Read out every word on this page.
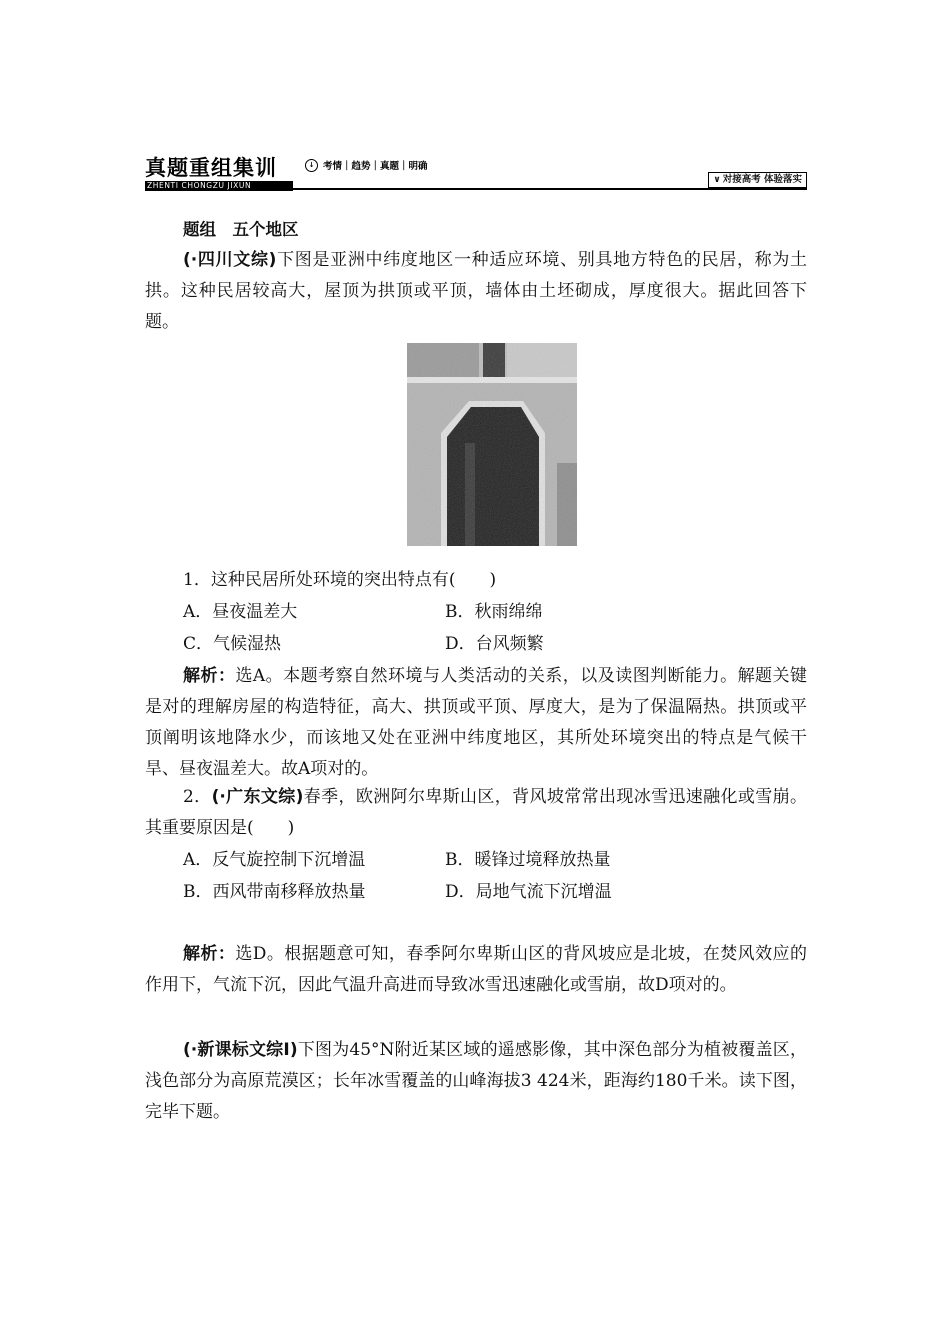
真题重组集训
ZHENTI CHONGZU JIXUN
↓ 考情｜趋势｜真题｜明确
∨ 对接高考 体验落实
题组　五个地区
(·四川文综)下图是亚洲中纬度地区一种适应环境、别具地方特色的民居，称为土拱。这种民居较高大，屋顶为拱顶或平顶，墙体由土坯砌成，厚度很大。据此回答下题。
1．这种民居所处环境的突出特点有(　　)
A．昼夜温差大	B．秋雨绵绵
C．气候湿热	D．台风频繁
解析：选A。本题考察自然环境与人类活动的关系，以及读图判断能力。解题关键是对的理解房屋的构造特征，高大、拱顶或平顶、厚度大，是为了保温隔热。拱顶或平顶阐明该地降水少，而该地又处在亚洲中纬度地区，其所处环境突出的特点是气候干旱、昼夜温差大。故A项对的。
2．(·广东文综)春季，欧洲阿尔卑斯山区，背风坡常常出现冰雪迅速融化或雪崩。其重要原因是(　　)
A．反气旋控制下沉增温	B．暖锋过境释放热量
B．西风带南移释放热量	D．局地气流下沉增温
解析：选D。根据题意可知，春季阿尔卑斯山区的背风坡应是北坡，在焚风效应的作用下，气流下沉，因此气温升高进而导致冰雪迅速融化或雪崩，故D项对的。
(·新课标文综Ⅰ)下图为45°N附近某区域的遥感影像，其中深色部分为植被覆盖区，浅色部分为高原荒漠区；长年冰雪覆盖的山峰海拔3 424米，距海约180千米。读下图，完毕下题。
